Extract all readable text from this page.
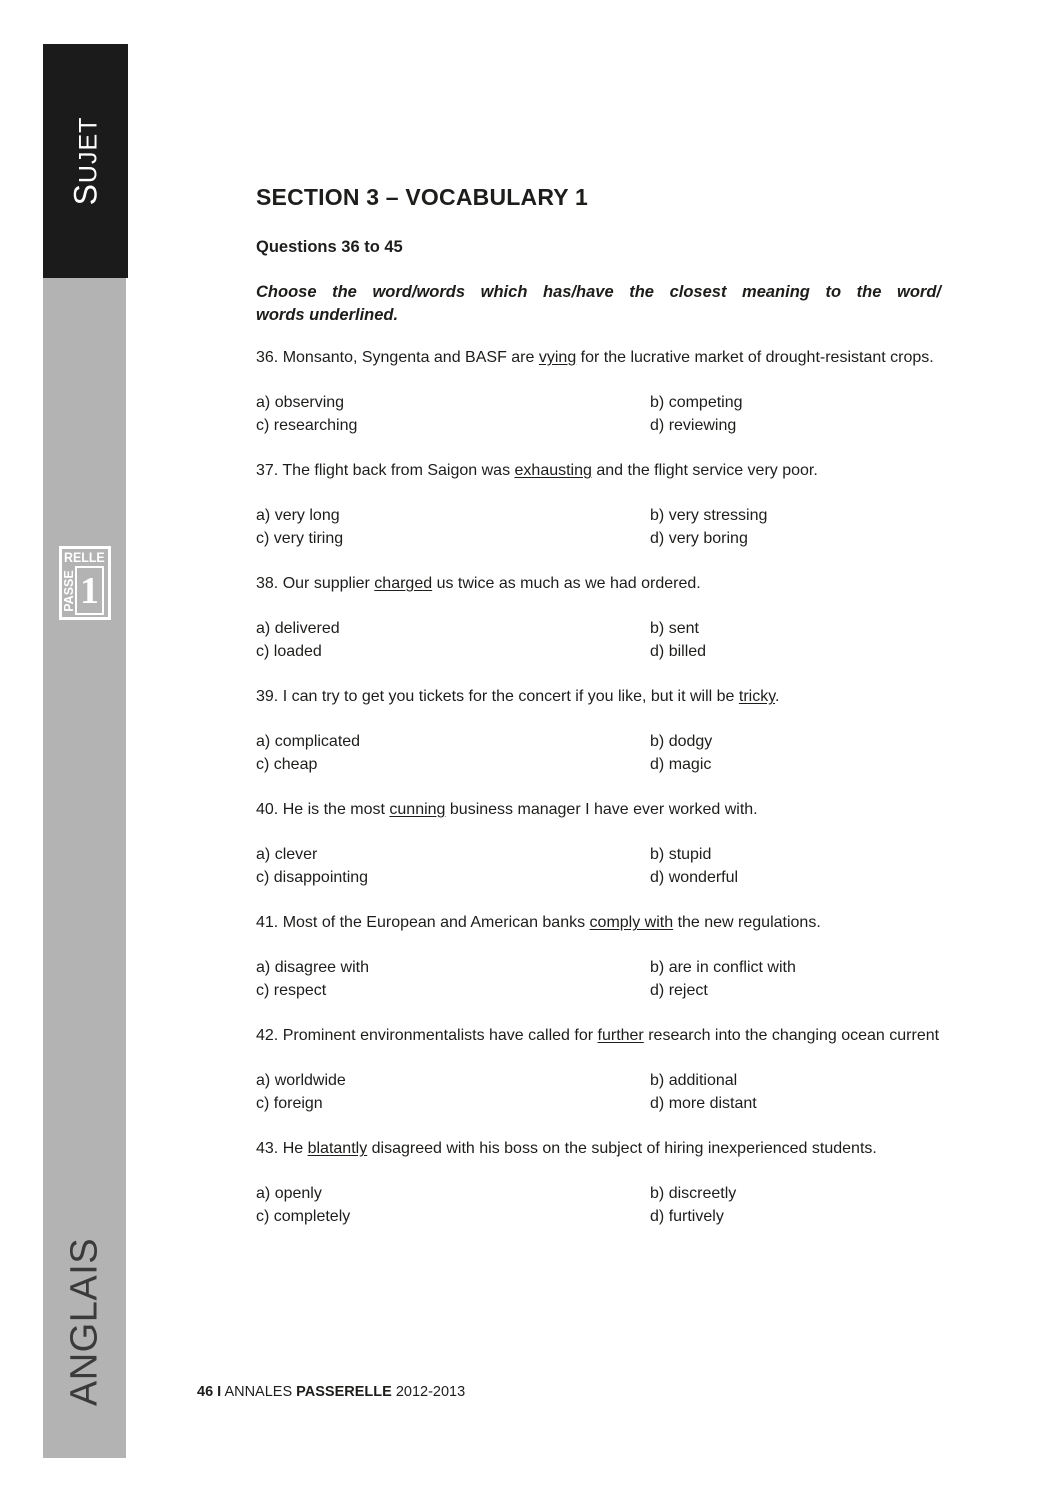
SUJET
RELLE
PASSE 1
ANGLAIS
SECTION 3 – VOCABULARY 1

Questions 36 to 45

Choose the word/words which has/have the closest meaning to the word/
words underlined.

36. Monsanto, Syngenta and BASF are vying for the lucrative market of drought-resistant crops.

a) observing	b) competing
c) researching	d) reviewing

37. The flight back from Saigon was exhausting and the flight service very poor.

a) very long	b) very stressing
c) very tiring	d) very boring

38. Our supplier charged us twice as much as we had ordered.

a) delivered	b) sent
c) loaded	d) billed

39. I can try to get you tickets for the concert if you like, but it will be tricky.

a) complicated	b) dodgy
c) cheap	d) magic

40. He is the most cunning business manager I have ever worked with.

a) clever	b) stupid
c) disappointing	d) wonderful

41. Most of the European and American banks comply with the new regulations.

a) disagree with	b) are in conflict with
c) respect	d) reject

42. Prominent environmentalists have called for further research into the changing ocean current

a) worldwide	b) additional
c) foreign	d) more distant

43. He blatantly disagreed with his boss on the subject of hiring inexperienced students.

a) openly	b) discreetly
c) completely	d) furtively
46 I ANNALES PASSERELLE 2012-2013
